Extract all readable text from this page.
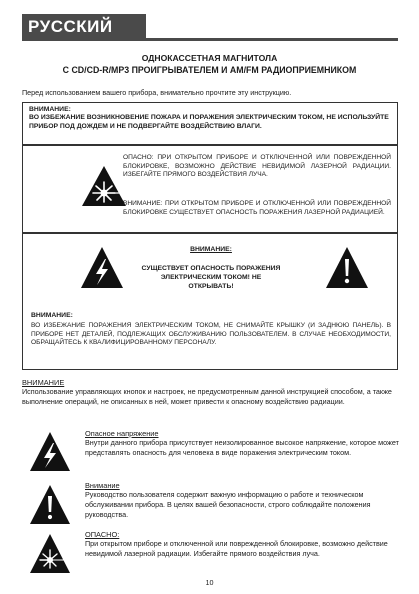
РУССКИЙ
ОДНОКАССЕТНАЯ МАГНИТОЛА
С CD/CD-R/MP3 ПРОИГРЫВАТЕЛЕМ И AM/FM РАДИОПРИЕМНИКОМ
Перед использованием вашего прибора, внимательно прочтите эту инструкцию.
ВНИМАНИЕ:
ВО ИЗБЕЖАНИЕ ВОЗНИКНОВЕНИЕ ПОЖАРА И ПОРАЖЕНИЯ ЭЛЕКТРИЧЕСКИМ ТОКОМ, НЕ ИСПОЛЬЗУЙТЕ ПРИБОР ПОД ДОЖДЕМ И НЕ ПОДВЕРГАЙТЕ ВОЗДЕЙСТВИЮ ВЛАГИ.
ОПАСНО: ПРИ ОТКРЫТОМ ПРИБОРЕ И ОТКЛЮЧЕННОЙ ИЛИ ПОВРЕЖДЕННОЙ БЛОКИРОВКЕ, ВОЗМОЖНО ДЕЙСТВИЕ НЕВИДИМОЙ ЛАЗЕРНОЙ РАДИАЦИИ. ИЗБЕГАЙТЕ ПРЯМОГО ВОЗДЕЙСТВИЯ ЛУЧА.
ВНИМАНИЕ: ПРИ ОТКРЫТОМ ПРИБОРЕ И ОТКЛЮЧЕННОЙ ИЛИ ПОВРЕЖДЕННОЙ БЛОКИРОВКЕ СУЩЕСТВУЕТ ОПАСНОСТЬ ПОРАЖЕНИЯ ЛАЗЕРНОЙ РАДИАЦИЕЙ.
ВНИМАНИЕ:
СУЩЕСТВУЕТ ОПАСНОСТЬ ПОРАЖЕНИЯ
ЭЛЕКТРИЧЕСКИМ ТОКОМ! НЕ
ОТКРЫВАТЬ!
ВНИМАНИЕ:
ВО ИЗБЕЖАНИЕ ПОРАЖЕНИЯ ЭЛЕКТРИЧЕСКИМ ТОКОМ, НЕ СНИМАЙТЕ КРЫШКУ (И ЗАДНЮЮ ПАНЕЛЬ). В ПРИБОРЕ НЕТ ДЕТАЛЕЙ, ПОДЛЕЖАЩИХ ОБСЛУЖИВАНИЮ ПОЛЬЗОВАТЕЛЕМ. В СЛУЧАЕ НЕОБХОДИМОСТИ, ОБРАЩАЙТЕСЬ К КВАЛИФИЦИРОВАННОМУ ПЕРСОНАЛУ.
ВНИМАНИЕ
Использование управляющих кнопок и настроек, не предусмотренным данной инструкцией способом, а также выполнение операций, не описанных в ней, может привести к опасному воздействию радиации.
Опасное напряжение
Внутри данного прибора присутствует неизолированное высокое напряжение, которое может представлять опасность для человека в виде поражения электрическим током.
Внимание
Руководство пользователя содержит важную информацию о работе и техническом обслуживании прибора. В целях вашей безопасности, строго соблюдайте положения руководства.
ОПАСНО:
При открытом приборе и отключенной или поврежденной блокировке, возможно действие невидимой лазерной радиации. Избегайте прямого воздействия луча.
10
